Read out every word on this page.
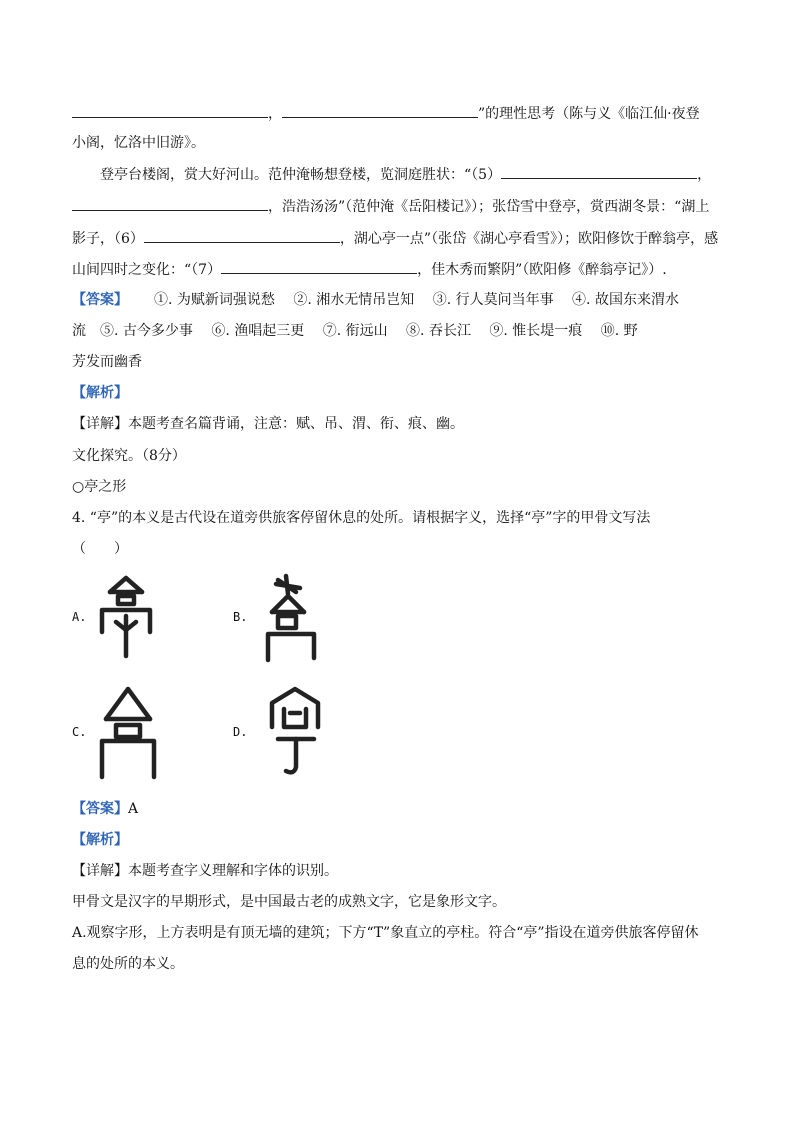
，	”的理性思考（陈与义《临江仙·夜登
小阁，忆洛中旧游》。
登亭台楼阁，赏大好河山。范仲淹畅想登楼，览洞庭胜状：“（5）	，
，浩浩汤汤”（范仲淹《岳阳楼记》）；张岱雪中登亭，赏西湖冬景：“湖上
影子，（6）	，湖心亭一点”（张岱《湖心亭看雪》）；欧阳修饮于醉翁亭，感
山间四时之变化：“（7）	，佳木秀而繁阴”（欧阳修《醉翁亭记》）.
【答案】 ①. 为赋新词强说愁　 ②. 湘水无情吊岂知　 ③. 行人莫问当年事　 ④. 故国东来渭水
流　⑤. 古今多少事　 ⑥. 渔唱起三更　 ⑦. 衔远山　 ⑧. 吞长江　 ⑨. 惟长堤一痕　 ⑩. 野
芳发而幽香
【解析】
【详解】本题考查名篇背诵，注意：赋、吊、渭、衔、痕、幽。
文化探究。（8分）
○亭之形
4. “亭”的本义是古代设在道旁供旅客停留休息的处所。请根据字义，选择“亭”字的甲骨文写法
（　　）
A.	B.
C.	D.
【答案】A
【解析】
【详解】本题考查字义理解和字体的识别。
甲骨文是汉字的早期形式，是中国最古老的成熟文字，它是象形文字。
A.观察字形，上方表明是有顶无墙的建筑；下方“T”象直立的亭柱。符合“亭”指设在道旁供旅客停留休
息的处所的本义。
